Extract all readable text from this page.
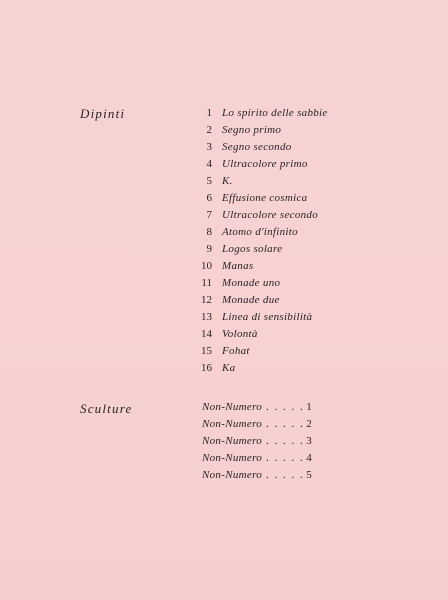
Dipinti	1 Lo spirito delle sabbie
2 Segno primo
3 Segno secondo
4 Ultracolore primo
5 K.
6 Effusione cosmica
7 Ultracolore secondo
8 Atomo d'infinito
9 Logos solare
10 Manas
11 Monade uno
12 Monade due
13 Linea di sensibilità
14 Volontà
15 Fohat
16 Ka
Sculture	Non-Numero . . . . . 1
Non-Numero . . . . . 2
Non-Numero . . . . . 3
Non-Numero . . . . . 4
Non-Numero . . . . . 5
